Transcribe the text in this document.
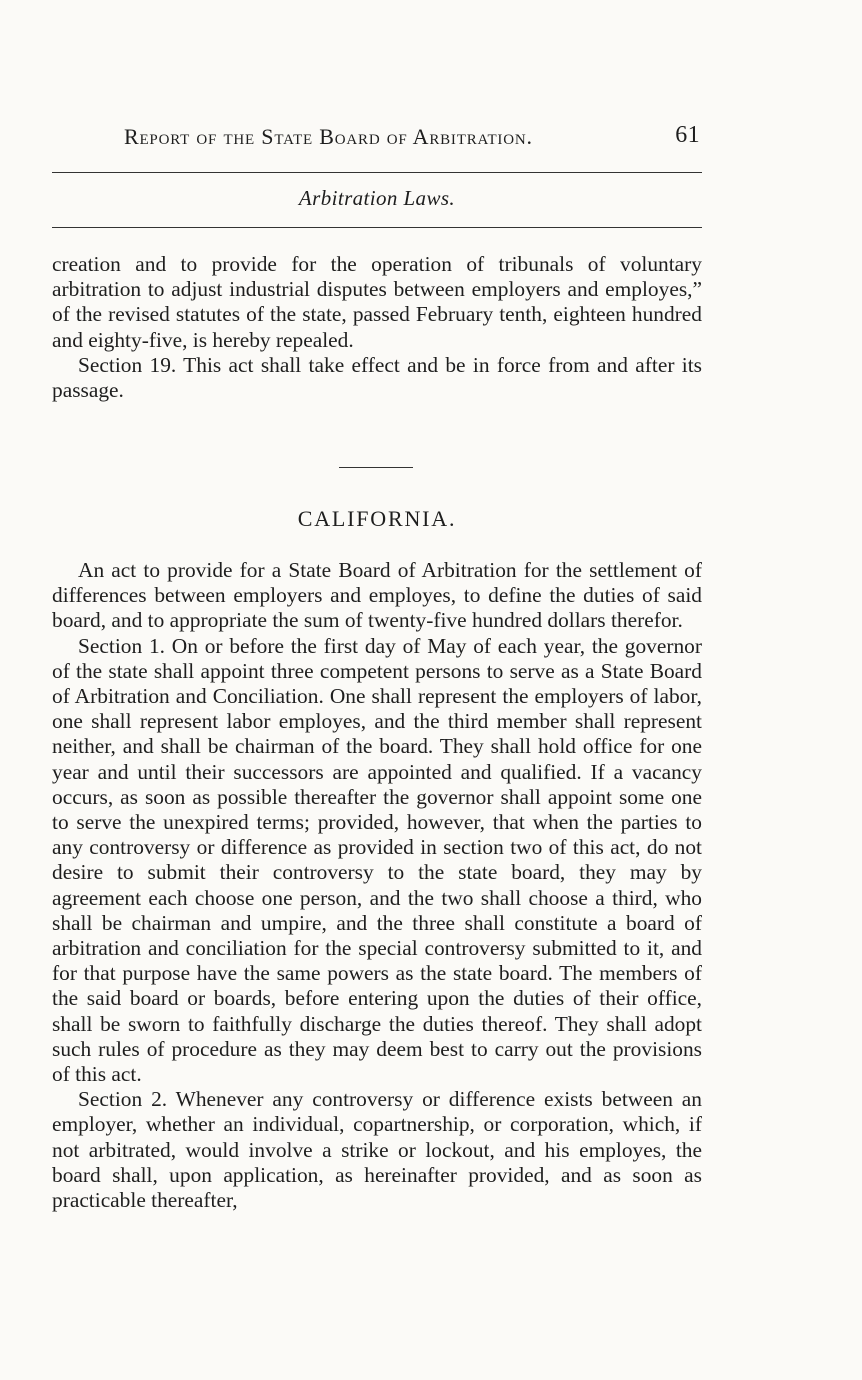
Report of the State Board of Arbitration.	61
Arbitration Laws.

creation and to provide for the operation of tribunals of voluntary arbitration to adjust industrial disputes between employers and employes,” of the revised statutes of the state, passed February tenth, eighteen hundred and eighty-five, is hereby repealed.

Section 19. This act shall take effect and be in force from and after its passage.

CALIFORNIA.

An act to provide for a State Board of Arbitration for the settlement of differences between employers and employes, to define the duties of said board, and to appropriate the sum of twenty-five hundred dollars therefor.

Section 1. On or before the first day of May of each year, the governor of the state shall appoint three competent persons to serve as a State Board of Arbitration and Conciliation. One shall represent the employers of labor, one shall represent labor employes, and the third member shall represent neither, and shall be chairman of the board. They shall hold office for one year and until their successors are appointed and qualified. If a vacancy occurs, as soon as possible thereafter the governor shall appoint some one to serve the unexpired terms; provided, however, that when the parties to any controversy or difference as provided in section two of this act, do not desire to submit their controversy to the state board, they may by agreement each choose one person, and the two shall choose a third, who shall be chairman and umpire, and the three shall constitute a board of arbitration and conciliation for the special controversy submitted to it, and for that purpose have the same powers as the state board. The members of the said board or boards, before entering upon the duties of their office, shall be sworn to faithfully discharge the duties thereof. They shall adopt such rules of procedure as they may deem best to carry out the provisions of this act.

Section 2. Whenever any controversy or difference exists between an employer, whether an individual, copartnership, or corporation, which, if not arbitrated, would involve a strike or lockout, and his employes, the board shall, upon application, as hereinafter provided, and as soon as practicable thereafter,
